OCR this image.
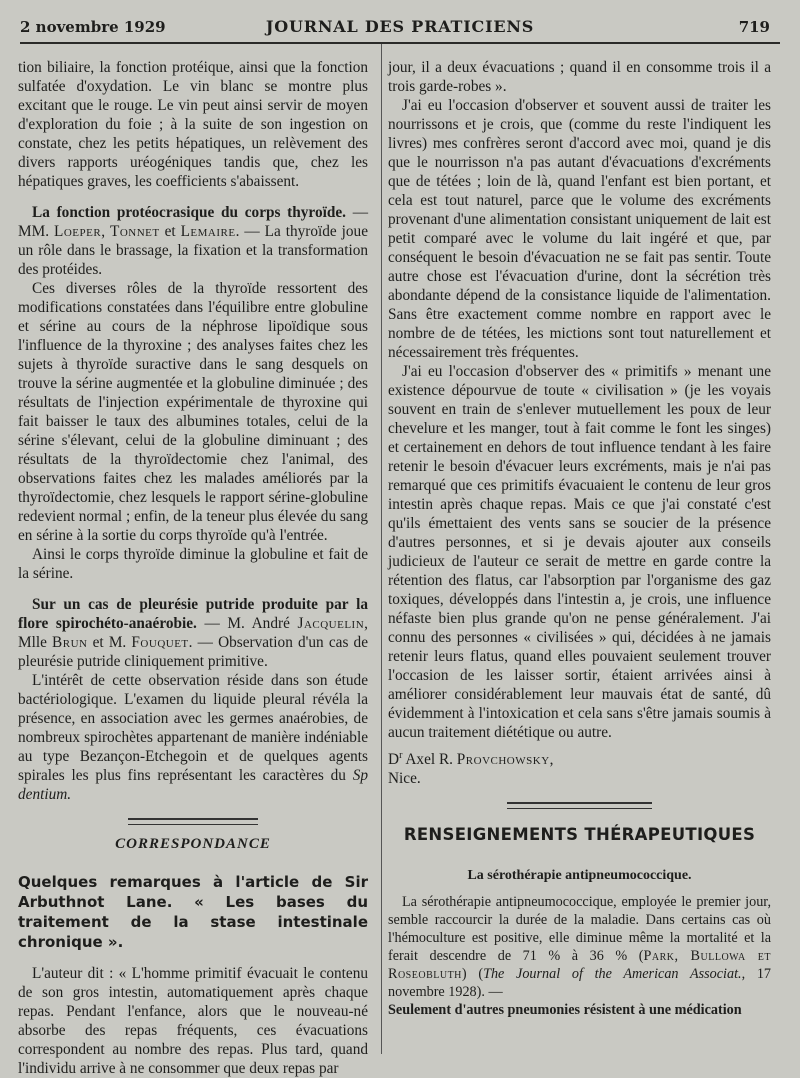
2 novembre 1929	JOURNAL DES PRATICIENS	719

tion biliaire, la fonction protéique, ainsi que la fonction sulfatée d'oxydation. Le vin blanc se montre plus excitant que le rouge. Le vin peut ainsi servir de moyen d'exploration du foie ; à la suite de son ingestion on constate, chez les petits hépatiques, un relèvement des divers rapports uréogéniques tandis que, chez les hépatiques graves, les coefficients s'abaissent.

La fonction protéocrasique du corps thyroïde. — MM. Loeper, Tonnet et Lemaire. — La thyroïde joue un rôle dans le brassage, la fixation et la transformation des protéides.

Ces diverses rôles de la thyroïde ressortent des modifications constatées dans l'équilibre entre globuline et sérine au cours de la néphrose lipoïdique sous l'influence de la thyroxine ; des analyses faites chez les sujets à thyroïde suractive dans le sang desquels on trouve la sérine augmentée et la globuline diminuée ; des résultats de l'injection expérimentale de thyroxine qui fait baisser le taux des albumines totales, celui de la sérine s'élevant, celui de la globuline diminuant ; des résultats de la thyroïdectomie chez l'animal, des observations faites chez les malades améliorés par la thyroïdectomie, chez lesquels le rapport sérine-globuline redevient normal ; enfin, de la teneur plus élevée du sang en sérine à la sortie du corps thyroïde qu'à l'entrée.

Ainsi le corps thyroïde diminue la globuline et fait de la sérine.

Sur un cas de pleurésie putride produite par la flore spirochéto-anaérobie. — M. André Jacquelin, Mlle Brun et M. Fouquet. — Observation d'un cas de pleurésie putride cliniquement primitive.

L'intérêt de cette observation réside dans son étude bactériologique. L'examen du liquide pleural révéla la présence, en association avec les germes anaérobies, de nombreux spirochètes appartenant de manière indéniable au type Bezançon-Etchegoin et de quelques agents spirales les plus fins représentant les caractères du Sp dentium.

CORRESPONDANCE

Quelques remarques à l'article de Sir Arbuthnot Lane. « Les bases du traitement de la stase intestinale chronique ».

L'auteur dit : « L'homme primitif évacuait le contenu de son gros intestin, automatiquement après chaque repas. Pendant l'enfance, alors que le nouveau-né absorbe des repas fréquents, ces évacuations correspondent au nombre des repas. Plus tard, quand l'individu arrive à ne consommer que deux repas par

jour, il a deux évacuations ; quand il en consomme trois il a trois garde-robes ».

J'ai eu l'occasion d'observer et souvent aussi de traiter les nourrissons et je crois, que (comme du reste l'indiquent les livres) mes confrères seront d'accord avec moi, quand je dis que le nourrisson n'a pas autant d'évacuations d'excréments que de tétées ; loin de là, quand l'enfant est bien portant, et cela est tout naturel, parce que le volume des excréments provenant d'une alimentation consistant uniquement de lait est petit comparé avec le volume du lait ingéré et que, par conséquent le besoin d'évacuation ne se fait pas sentir. Toute autre chose est l'évacuation d'urine, dont la sécrétion très abondante dépend de la consistance liquide de l'alimentation. Sans être exactement comme nombre en rapport avec le nombre de de tétées, les mictions sont tout naturellement et nécessairement très fréquentes.

J'ai eu l'occasion d'observer des « primitifs » menant une existence dépourvue de toute « civilisation » (je les voyais souvent en train de s'enlever mutuellement les poux de leur chevelure et les manger, tout à fait comme le font les singes) et certainement en dehors de tout influence tendant à les faire retenir le besoin d'évacuer leurs excréments, mais je n'ai pas remarqué que ces primitifs évacuaient le contenu de leur gros intestin après chaque repas. Mais ce que j'ai constaté c'est qu'ils émettaient des vents sans se soucier de la présence d'autres personnes, et si je devais ajouter aux conseils judicieux de l'auteur ce serait de mettre en garde contre la rétention des flatus, car l'absorption par l'organisme des gaz toxiques, développés dans l'intestin a, je crois, une influence néfaste bien plus grande qu'on ne pense généralement. J'ai connu des personnes « civilisées » qui, décidées à ne jamais retenir leurs flatus, quand elles pouvaient seulement trouver l'occasion de les laisser sortir, étaient arrivées ainsi à améliorer considérablement leur mauvais état de santé, dû évidemment à l'intoxication et cela sans s'être jamais soumis à aucun traitement diététique ou autre.

$D^r$ Axel R. Provchowsky,

Nice.

RENSEIGNEMENTS THÉRAPEUTIQUES
La sérothérapie antipneumococcique.

La sérothérapie antipneumococcique, employée le premier jour, semble raccourcir la durée de la maladie. Dans certains cas où l'hémoculture est positive, elle diminue même la mortalité et la ferait descendre de 71 % à 36 % (Park, Bullowa et Roseobluth) (The Journal of the American Associat., 17 novembre 1928). —

Seulement d'autres pneumonies résistent à une médication
